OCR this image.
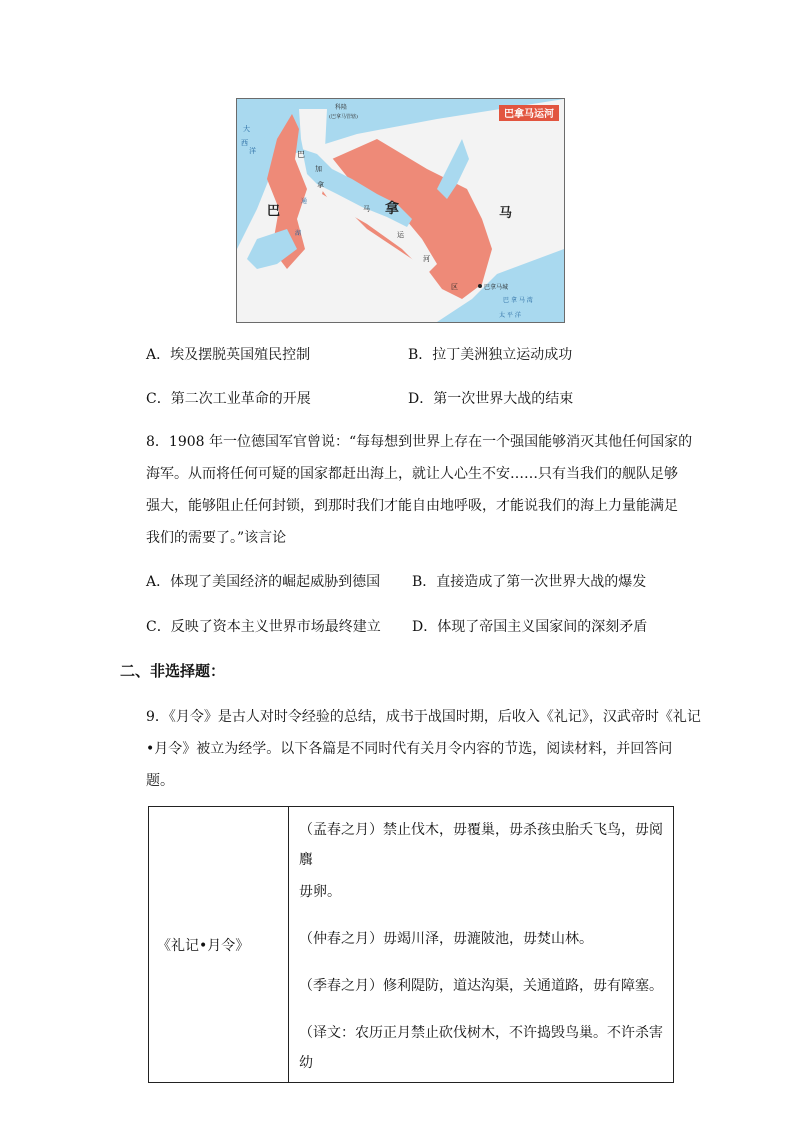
巴拿马运河
科隆
(巴拿马管辖)
大
西
洋	巴
加
拿
巴	马 拿	马
通
湖	运
河
区	巴拿马城
巴 拿 马 湾
太 平 洋
A．埃及摆脱英国殖民控制	B．拉丁美洲独立运动成功
C．第二次工业革命的开展	D．第一次世界大战的结束
8．1908 年一位德国军官曾说：“每每想到世界上存在一个强国能够消灭其他任何国家的
海军。从而将任何可疑的国家都赶出海上，就让人心生不安……只有当我们的舰队足够
强大，能够阻止任何封锁，到那时我们才能自由地呼吸，才能说我们的海上力量能满足
我们的需要了。”该言论
A．体现了美国经济的崛起威胁到德国 B．直接造成了第一次世界大战的爆发
C．反映了资本主义世界市场最终建立 D．体现了帝国主义国家间的深刻矛盾
二、非选择题：
9．《月令》是古人对时令经验的总结，成书于战国时期，后收入《礼记》，汉武帝时《礼记
•月令》被立为经学。以下各篇是不同时代有关月令内容的节选，阅读材料，并回答问
题。
《礼记•月令》	
（孟春之月）禁止伐木，毋覆巢，毋杀孩虫胎夭飞鸟，毋阅麛
毋卵。
（仲春之月）毋竭川泽，毋漉陂池，毋焚山林。
（季春之月）修利隄防，道达沟渠，关通道路，毋有障塞。
（译文：农历正月禁止砍伐树木，不许捣毁鸟巢。不许杀害幼
